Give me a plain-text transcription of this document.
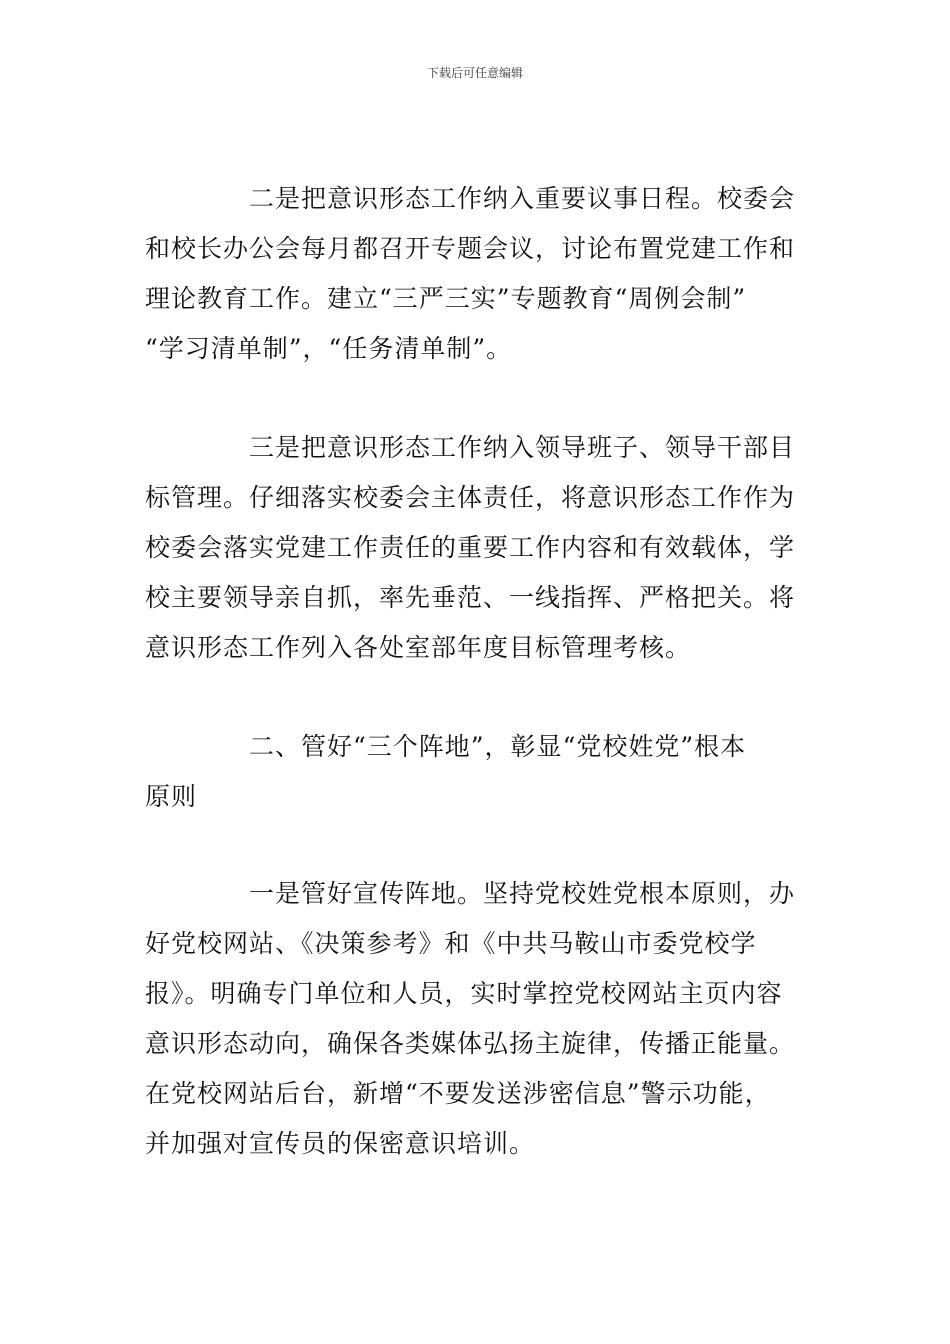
下载后可任意编辑
二是把意识形态工作纳入重要议事日程。校委会
和校长办公会每月都召开专题会议，讨论布置党建工作和
理论教育工作。建立“三严三实”专题教育“周例会制”
“学习清单制”，“任务清单制”。
三是把意识形态工作纳入领导班子、领导干部目
标管理。仔细落实校委会主体责任，将意识形态工作作为
校委会落实党建工作责任的重要工作内容和有效载体，学
校主要领导亲自抓，率先垂范、一线指挥、严格把关。将
意识形态工作列入各处室部年度目标管理考核。
二、管好“三个阵地”，彰显“党校姓党”根本
原则
一是管好宣传阵地。坚持党校姓党根本原则，办
好党校网站、《决策参考》和《中共马鞍山市委党校学
报》。明确专门单位和人员，实时掌控党校网站主页内容
意识形态动向，确保各类媒体弘扬主旋律，传播正能量。
在党校网站后台，新增“不要发送涉密信息”警示功能，
并加强对宣传员的保密意识培训。
